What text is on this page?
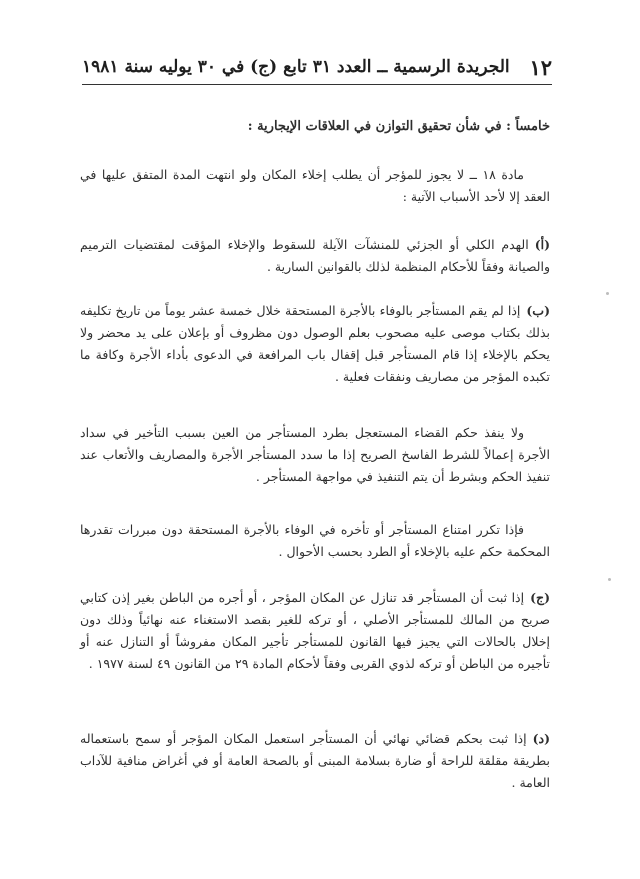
١٢
الجريدة الرسمية ــ العدد ٣١ تابع (ج) في ٣٠ يوليه سنة ١٩٨١
خامساً : في شأن تحقيق التوازن في العلاقات الإيجارية :
مادة ١٨ ــ لا يجوز للمؤجر أن يطلب إخلاء المكان ولو انتهت المدة المتفق عليها في العقد إلا لأحد الأسباب الآتية :
(أ)الهدم الكلي أو الجزئي للمنشآت الآيلة للسقوط والإخلاء المؤقت لمقتضيات الترميم والصيانة وفقاً للأحكام المنظمة لذلك بالقوانين السارية .
(ب)إذا لم يقم المستأجر بالوفاء بالأجرة المستحقة خلال خمسة عشر يوماً من تاريخ تكليفه بذلك بكتاب موصى عليه مصحوب بعلم الوصول دون مظروف أو بإعلان على يد محضر ولا يحكم بالإخلاء إذا قام المستأجر قبل إقفال باب المرافعة في الدعوى بأداء الأجرة وكافة ما تكبده المؤجر من مصاريف ونفقات فعلية .
ولا ينفذ حكم القضاء المستعجل بطرد المستأجر من العين بسبب التأخير في سداد الأجرة إعمالاً للشرط الفاسخ الصريح إذا ما سدد المستأجر الأجرة والمصاريف والأتعاب عند تنفيذ الحكم وبشرط أن يتم التنفيذ في مواجهة المستأجر .
فإذا تكرر امتناع المستأجر أو تأخره في الوفاء بالأجرة المستحقة دون مبررات تقدرها المحكمة حكم عليه بالإخلاء أو الطرد بحسب الأحوال .
(ج)إذا ثبت أن المستأجر قد تنازل عن المكان المؤجر ، أو أجره من الباطن بغير إذن كتابي صريح من المالك للمستأجر الأصلي ، أو تركه للغير بقصد الاستغناء عنه نهائياً وذلك دون إخلال بالحالات التي يجيز فيها القانون للمستأجر تأجير المكان مفروشاً أو التنازل عنه أو تأجيره من الباطن أو تركه لذوي القربى وفقاً لأحكام المادة ٢٩ من القانون ٤٩ لسنة ١٩٧٧ .
(د)إذا ثبت بحكم قضائي نهائي أن المستأجر استعمل المكان المؤجر أو سمح باستعماله بطريقة مقلقة للراحة أو ضارة بسلامة المبنى أو بالصحة العامة أو في أغراض منافية للآداب العامة .
